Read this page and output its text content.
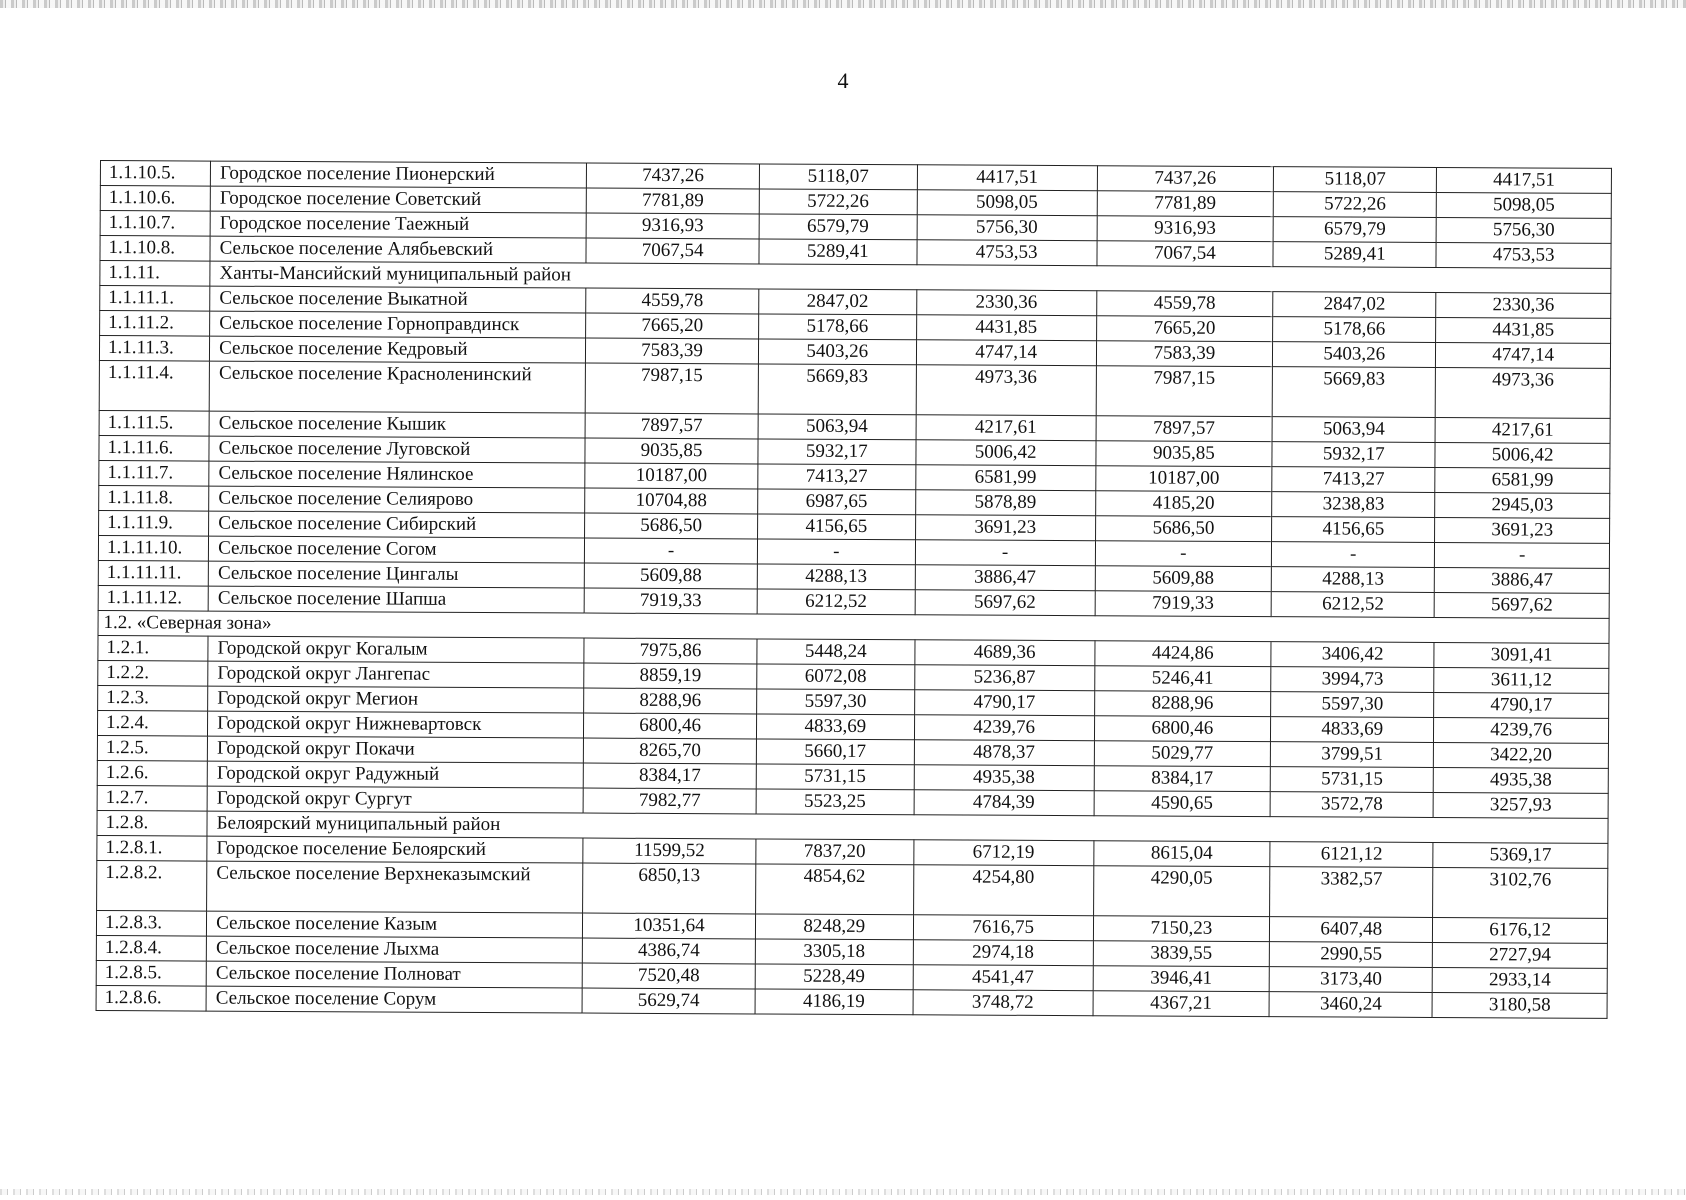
4
1.1.10.5.	Городское поселение Пионерский	7437,26	5118,07	4417,51	7437,26	5118,07	4417,51
1.1.10.6.	Городское поселение Советский	7781,89	5722,26	5098,05	7781,89	5722,26	5098,05
1.1.10.7.	Городское поселение Таежный	9316,93	6579,79	5756,30	9316,93	6579,79	5756,30
1.1.10.8.	Сельское поселение Алябьевский	7067,54	5289,41	4753,53	7067,54	5289,41	4753,53
1.1.11.	Ханты-Мансийский муниципальный район						
1.1.11.1.	Сельское поселение Выкатной	4559,78	2847,02	2330,36	4559,78	2847,02	2330,36
1.1.11.2.	Сельское поселение Горноправдинск	7665,20	5178,66	4431,85	7665,20	5178,66	4431,85
1.1.11.3.	Сельское поселение Кедровый	7583,39	5403,26	4747,14	7583,39	5403,26	4747,14
1.1.11.4.	Сельское поселение Красноленинский	7987,15	5669,83	4973,36	7987,15	5669,83	4973,36
1.1.11.5.	Сельское поселение Кышик	7897,57	5063,94	4217,61	7897,57	5063,94	4217,61
1.1.11.6.	Сельское поселение Луговской	9035,85	5932,17	5006,42	9035,85	5932,17	5006,42
1.1.11.7.	Сельское поселение Нялинское	10187,00	7413,27	6581,99	10187,00	7413,27	6581,99
1.1.11.8.	Сельское поселение Селиярово	10704,88	6987,65	5878,89	4185,20	3238,83	2945,03
1.1.11.9.	Сельское поселение Сибирский	5686,50	4156,65	3691,23	5686,50	4156,65	3691,23
1.1.11.10.	Сельское поселение Согом	-	-	-	-	-	-
1.1.11.11.	Сельское поселение Цингалы	5609,88	4288,13	3886,47	5609,88	4288,13	3886,47
1.1.11.12.	Сельское поселение Шапша	7919,33	6212,52	5697,62	7919,33	6212,52	5697,62
1.2. «Северная зона»							
1.2.1.	Городской округ Когалым	7975,86	5448,24	4689,36	4424,86	3406,42	3091,41
1.2.2.	Городской округ Лангепас	8859,19	6072,08	5236,87	5246,41	3994,73	3611,12
1.2.3.	Городской округ Мегион	8288,96	5597,30	4790,17	8288,96	5597,30	4790,17
1.2.4.	Городской округ Нижневартовск	6800,46	4833,69	4239,76	6800,46	4833,69	4239,76
1.2.5.	Городской округ Покачи	8265,70	5660,17	4878,37	5029,77	3799,51	3422,20
1.2.6.	Городской округ Радужный	8384,17	5731,15	4935,38	8384,17	5731,15	4935,38
1.2.7.	Городской округ Сургут	7982,77	5523,25	4784,39	4590,65	3572,78	3257,93
1.2.8.	Белоярский муниципальный район						
1.2.8.1.	Городское поселение Белоярский	11599,52	7837,20	6712,19	8615,04	6121,12	5369,17
1.2.8.2.	Сельское поселение Верхнеказымский	6850,13	4854,62	4254,80	4290,05	3382,57	3102,76
1.2.8.3.	Сельское поселение Казым	10351,64	8248,29	7616,75	7150,23	6407,48	6176,12
1.2.8.4.	Сельское поселение Лыхма	4386,74	3305,18	2974,18	3839,55	2990,55	2727,94
1.2.8.5.	Сельское поселение Полноват	7520,48	5228,49	4541,47	3946,41	3173,40	2933,14
1.2.8.6.	Сельское поселение Сорум	5629,74	4186,19	3748,72	4367,21	3460,24	3180,58
